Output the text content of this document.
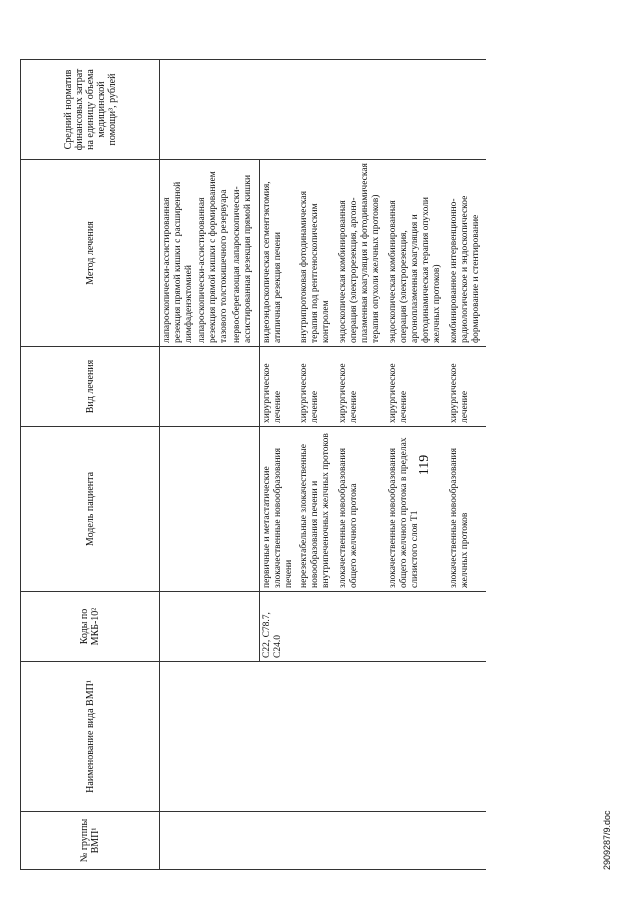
№ группы ВМП¹	Наименование вида ВМП¹	Коды по МКБ-10²	Модель пациента	Вид лечения	Метод лечения	Средний норматив финансовых затрат на единицу объема медицинской помощи³, рублей

					лапароскопически-ассистированная резекция прямой кишки с расширенной лимфаденэктомией лапароскопически-ассистированная резекция прямой кишки с формированием тазового толстокишечного резервуара нервосберегающая лапароскопически-ассистированная резекция прямой кишки	

		C22, C78.7, C24.0	первичные и метастатические злокачественные новообразования печени	хирургическое лечение	видеоэндоскопическая сегментэктомия, атипичная резекция печени	

			нерезектабельные злокачественные новообразования печени и внутрипеченочных желчных протоков	хирургическое лечение	внутрипротоковая фотодинамическая терапия под рентгеноскопическим контролем	

			злокачественные новообразования общего желчного протока	хирургическое лечение	эндоскопическая комбинированная операция (электрорезекция, аргоно-плазменная коагуляция и фотодинамическая терапия опухоли желчных протоков)	

			злокачественные новообразования общего желчного протока в пределах слизистого слоя T1	хирургическое лечение	эндоскопическая комбинированная операция (электрорезекция, аргоноплазменная коагуляция и фотодинамическая терапия опухоли желчных протоков)	

			злокачественные новообразования желчных протоков	хирургическое лечение	комбинированное интервенционно-радиологическое и эндоскопическое формирование и стентирование	

119
2909287/9.doc
